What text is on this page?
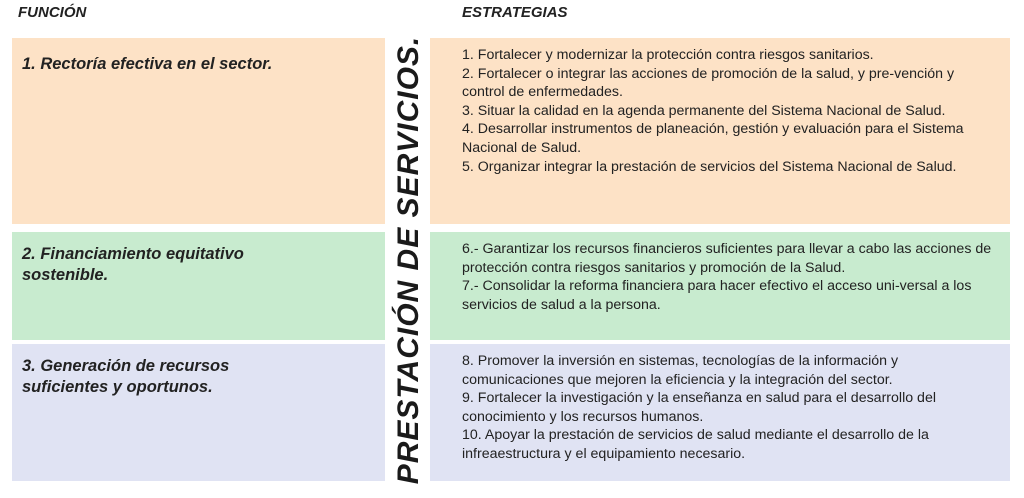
FUNCIÓN	ESTRATEGIAS

1. Rectoría efectiva en el sector.	1. Fortalecer y modernizar la protección contra riesgos sanitarios.

2. Fortalecer o integrar las acciones de promoción de la salud, y pre-vención y control de enfermedades.

3. Situar la calidad en la agenda permanente del Sistema Nacional de Salud.

4. Desarrollar instrumentos de planeación, gestión y evaluación para el Sistema Nacional de Salud.

5. Organizar integrar la prestación de servicios del Sistema Nacional de Salud.

2. Financiamiento equitativo sostenible.

6.- Garantizar los recursos financieros suficientes para llevar a cabo las acciones de protección contra riesgos sanitarios y promoción de la Salud.

7.- Consolidar la reforma financiera para hacer efectivo el acceso uni-versal a los servicios de salud a la persona.

3. Generación de recursos suficientes y oportunos.

8. Promover la inversión en sistemas, tecnologías de la información y comunicaciones que mejoren la eficiencia y la integración del sector.

9. Fortalecer la investigación y la enseñanza en salud para el desarrollo del conocimiento y los recursos humanos.

10. Apoyar la prestación de servicios de salud mediante el desarrollo de la infreaestructura y el equipamiento necesario.

PRESTACIÓN DE SERVICIOS.
